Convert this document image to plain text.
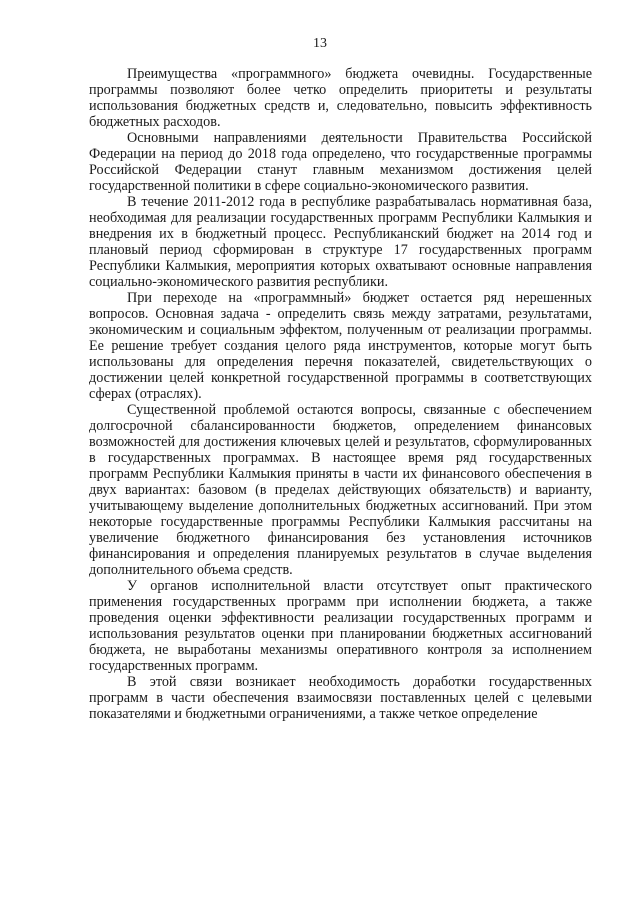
13

Преимущества «программного» бюджета очевидны. Государственные программы позволяют более четко определить приоритеты и результаты использования бюджетных средств и, следовательно, повысить эффективность бюджетных расходов.

Основными направлениями деятельности Правительства Российской Федерации на период до 2018 года определено, что государственные программы Российской Федерации станут главным механизмом достижения целей государственной политики в сфере социально-экономического развития.

В течение 2011-2012 года в республике разрабатывалась нормативная база, необходимая для реализации государственных программ Республики Калмыкия и внедрения их в бюджетный процесс. Республиканский бюджет на 2014 год и плановый период сформирован в структуре 17 государственных программ Республики Калмыкия, мероприятия которых охватывают основные направления социально-экономического развития республики.

При переходе на «программный» бюджет остается ряд нерешенных вопросов. Основная задача - определить связь между затратами, результатами, экономическим и социальным эффектом, полученным от реализации программы. Ее решение требует создания целого ряда инструментов, которые могут быть использованы для определения перечня показателей, свидетельствующих о достижении целей конкретной государственной программы в соответствующих сферах (отраслях).

Существенной проблемой остаются вопросы, связанные с обеспечением долгосрочной сбалансированности бюджетов, определением финансовых возможностей для достижения ключевых целей и результатов, сформулированных в государственных программах. В настоящее время ряд государственных программ Республики Калмыкия приняты в части их финансового обеспечения в двух вариантах: базовом (в пределах действующих обязательств) и варианту, учитывающему выделение дополнительных бюджетных ассигнований. При этом некоторые государственные программы Республики Калмыкия рассчитаны на увеличение бюджетного финансирования без установления источников финансирования и определения планируемых результатов в случае выделения дополнительного объема средств.

У органов исполнительной власти отсутствует опыт практического применения государственных программ при исполнении бюджета, а также проведения оценки эффективности реализации государственных программ и использования результатов оценки при планировании бюджетных ассигнований бюджета, не выработаны механизмы оперативного контроля за исполнением государственных программ.

В этой связи возникает необходимость доработки государственных программ в части обеспечения взаимосвязи поставленных целей с целевыми показателями и бюджетными ограничениями, а также четкое определение
